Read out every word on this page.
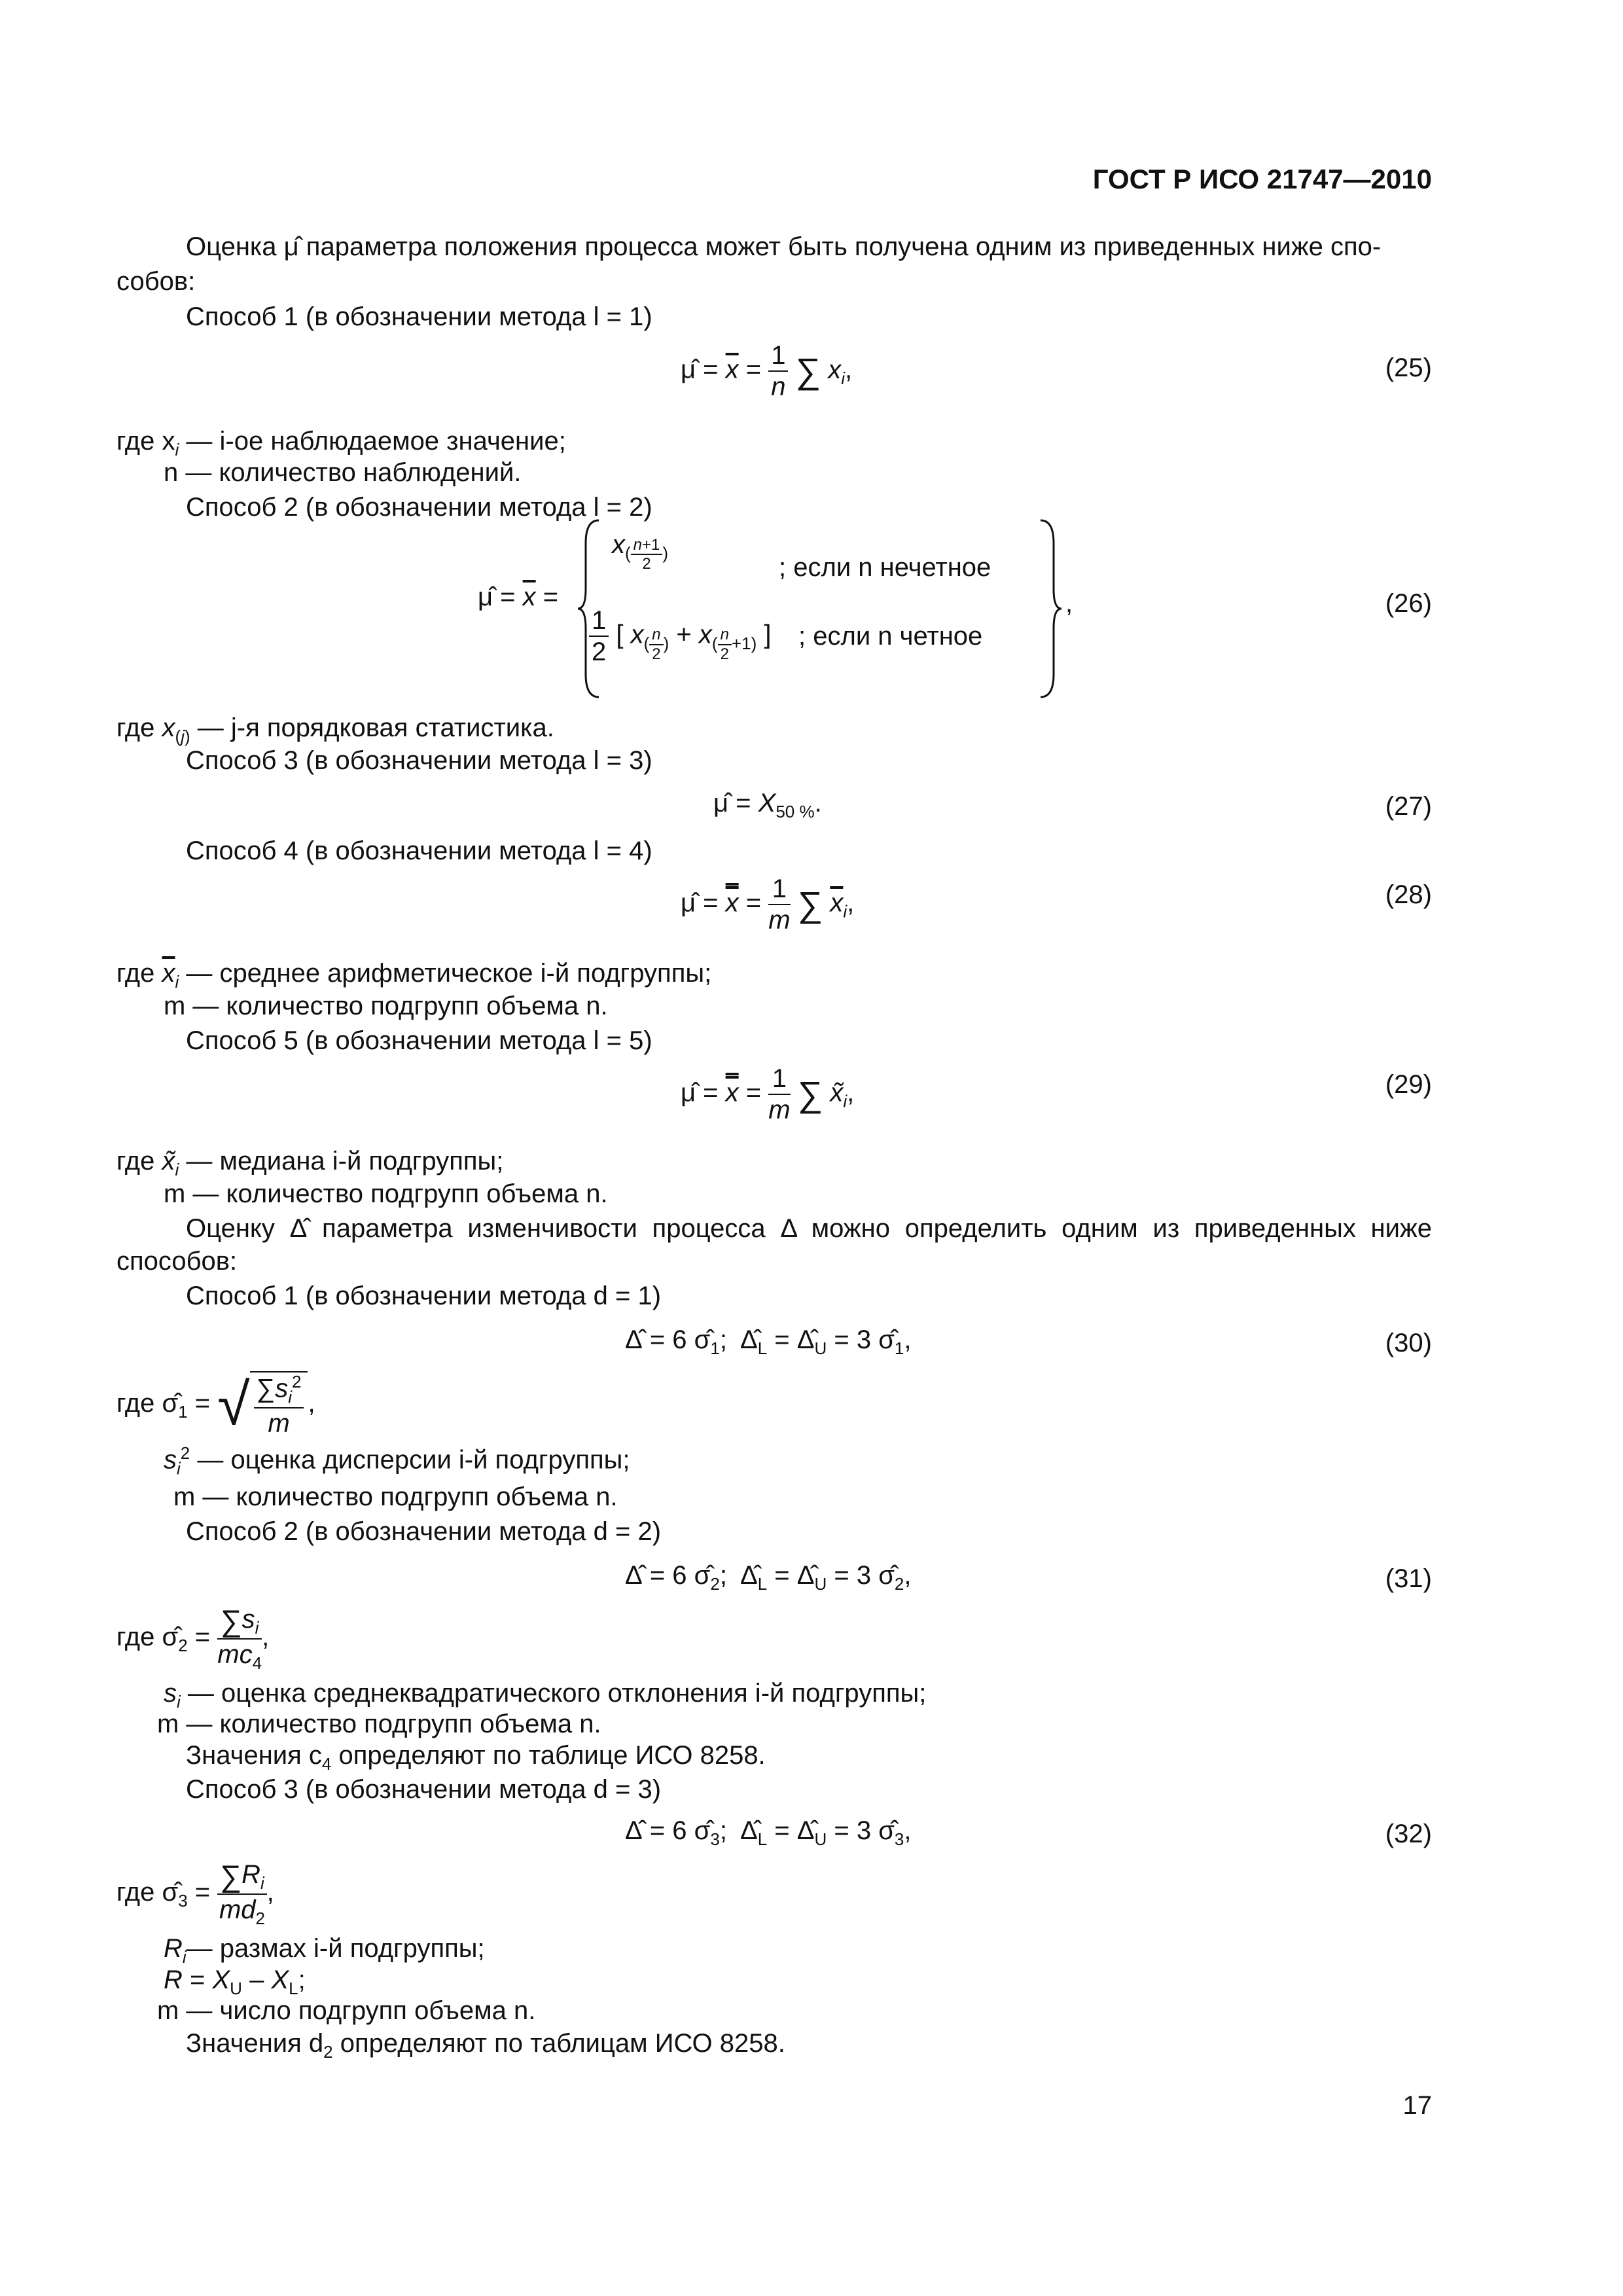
ГОСТ Р ИСО 21747—2010
Оценка μ̂ параметра положения процесса может быть получена одним из приведенных ниже спо-
собов:
Способ 1 (в обозначении метода l = 1)
μ̂ = $\overline{x} = \frac{1}{n}$ ∑ $x_i$,	(25)
где $x_i$ — i-ое наблюдаемое значение;
n — количество наблюдений.
Способ 2 (в обозначении метода l = 2)
μ̂ = $\overline{x}$ =
$x_{( \frac{n+1}{2} )}$	; если n нечетное
$\frac{1}{2}$ [ $x_{( \frac{n}{2} )} + x_{( \frac{n}{2} +1)}$ ] ; если n четное
,	(26)
где $x_{(j)}$ — j-я порядковая статистика.
Способ 3 (в обозначении метода l = 3)
μ̂ = $X_{50 \%}$.	(27)
Способ 4 (в обозначении метода l = 4)
μ̂ = $x = \frac{1}{m}$ ∑ $\overline{x}_i$,	(28)
где $\overline{x}_i$ — среднее арифметическое i-й подгруппы;
m — количество подгрупп объема n.
Способ 5 (в обозначении метода l = 5)
μ̂ = $x = \frac{1}{m}$ ∑ $x̃_i$,	(29)
где $x̃_i$ — медиана i-й подгруппы;
m — количество подгрупп объема n.
Оценку Δ̂ параметра изменчивости процесса Δ можно определить одним из приведенных ниже
способов:
Способ 1 (в обозначении метода d = 1)
Δ̂ = 6 $\sigmâ_1$;  $\Deltâ_L$ = $\Deltâ_U = 3$ $\sigmâ_1$,	(30)
где $\sigmâ_1$ = √ $\frac{\sum s_i^2}{m}$ ,
$s_i^2$ — оценка дисперсии i-й подгруппы;
m — количество подгрупп объема n.
Способ 2 (в обозначении метода d = 2)
Δ̂ = 6 $\sigmâ_2$;  $\Deltâ_L$ = $\Deltâ_U = 3$ $\sigmâ_2$,	(31)
где $\sigmâ_2 = \frac{\sum s_i}{mc_4}$ ,
$s_i$ — оценка среднеквадратического отклонения i-й подгруппы;
m — количество подгрупп объема n.
Значения $c_4$ определяют по таблице ИСО 8258.
Способ 3 (в обозначении метода d = 3)
Δ̂ = 6 $\sigmâ_3$;  $\Deltâ_L$ = $\Deltâ_U = 3$ $\sigmâ_3$,	(32)
где $\sigmâ_3 = \frac{\sum R_i}{md_2}$ ,
$R_i—$ размах i-й подгруппы;
$R = X_U - X_L$;
m — число подгрупп объема n.
Значения $d_2$ определяют по таблицам ИСО 8258.
17
